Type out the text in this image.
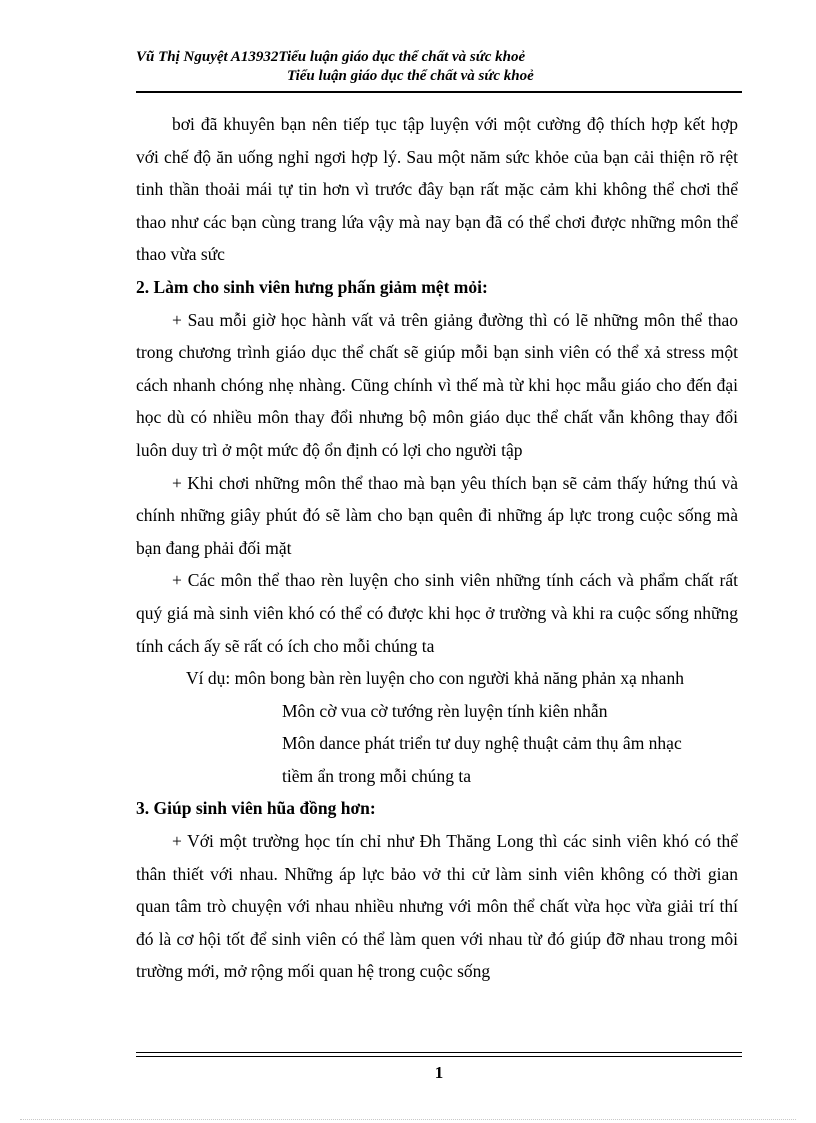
Vũ Thị Nguyệt A13932Tiểu luận giáo dục thể chất và sức khoẻ
Tiểu luận giáo dục thể chất và sức khoẻ

bơi đã khuyên bạn nên tiếp tục tập luyện với một cường độ thích hợp kết hợp với chế độ ăn uống nghỉ ngơi hợp lý. Sau một năm sức khỏe của bạn cải thiện rõ rệt tinh thần thoải mái tự tin hơn vì trước đây bạn rất mặc cảm khi không thể chơi thể thao như các bạn cùng trang lứa vậy mà nay bạn đã có thể chơi được những môn thể thao vừa sức

2. Làm cho sinh viên hưng phấn giảm mệt mỏi:

+ Sau mỗi giờ học hành vất vả trên giảng đường thì có lẽ những môn thể thao trong chương trình giáo dục thể chất sẽ giúp mỗi bạn sinh viên có thể xả stress một cách nhanh chóng nhẹ nhàng. Cũng chính vì thế mà từ khi học mẫu giáo cho đến đại học dù có nhiều môn thay đổi nhưng bộ môn giáo dục thể chất vẫn không thay đổi luôn duy trì ở một mức độ ổn định có lợi cho người tập

+ Khi chơi những môn thể thao mà bạn yêu thích bạn sẽ cảm thấy hứng thú và chính những giây phút đó sẽ làm cho bạn quên đi những áp lực trong cuộc sống mà bạn đang phải đối mặt

+ Các môn thể thao rèn luyện cho sinh viên những tính cách và phẩm chất rất quý giá mà sinh viên khó có thể có được khi học ở trường và khi ra cuộc sống những tính cách ấy sẽ rất có ích cho mỗi chúng ta

Ví dụ: môn bong bàn rèn luyện cho con người khả năng phản xạ nhanh

Môn cờ vua cờ tướng rèn luyện tính kiên nhẫn

Môn dance phát triển tư duy nghệ thuật cảm thụ âm nhạc

tiềm ẩn trong mỗi chúng ta

3. Giúp sinh viên hũa đồng hơn:

+ Với một trường học tín chỉ như Đh Thăng Long thì các sinh viên khó có thể thân thiết với nhau. Những áp lực bảo vở thi cử làm sinh viên không có thời gian quan tâm trò chuyện với nhau nhiều nhưng với môn thể chất vừa học vừa giải trí thí đó là cơ hội tốt để sinh viên có thể làm quen với nhau từ đó giúp đỡ nhau trong môi trường mới, mở rộng mối quan hệ trong cuộc sống

1
